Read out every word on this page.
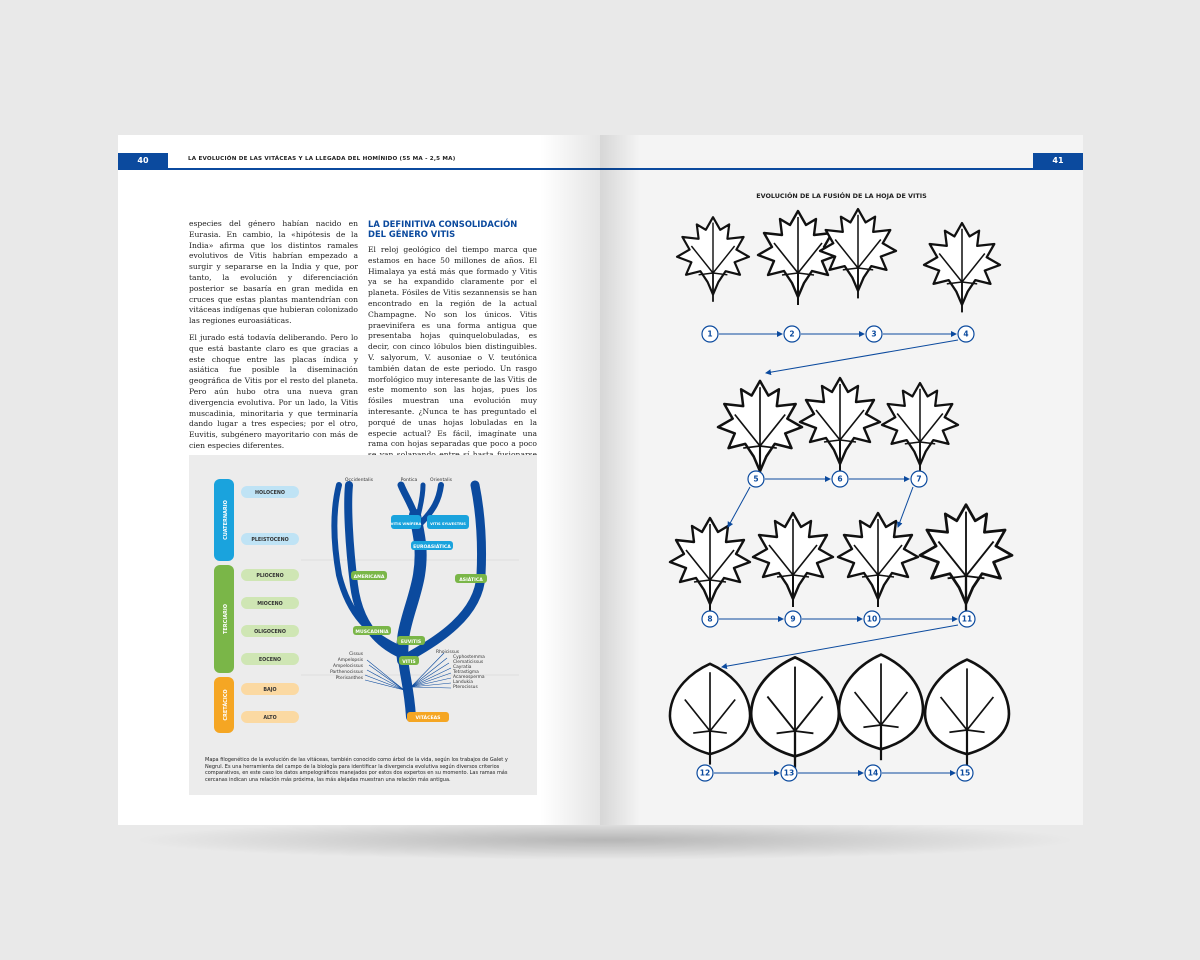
40	LA EVOLUCIÓN DE LAS VITÁCEAS Y LA LLEGADA DEL HOMÍNIDO (55 MA - 2,5 MA)

especies del género habían nacido en Eurasia. En cambio, la «hipótesis de la India» afirma que los distintos ramales evolutivos de Vitis habrían empezado a surgir y separarse en la India y que, por tanto, la evolución y diferenciación posterior se basaría en gran medida en cruces que estas plantas mantendrían con vitáceas indígenas que hubieran colonizado las regiones euroasiáticas.

El jurado está todavía deliberando. Pero lo que está bastante claro es que gracias a este choque entre las placas índica y asiática fue posible la diseminación geográfica de Vitis por el resto del planeta. Pero aún hubo otra una nueva gran divergencia evolutiva. Por un lado, la Vitis muscadinia, minoritaria y que terminaría dando lugar a tres especies; por el otro, Euvitis, subgénero mayoritario con más de cien especies diferentes.

LA DEFINITIVA CONSOLIDACIÓN
DEL GÉNERO VITIS

El reloj geológico del tiempo marca que estamos en hace 50 millones de años. El Himalaya ya está más que formado y Vitis ya se ha expandido claramente por el planeta. Fósiles de Vitis sezannensis se han encontrado en la región de la actual Champagne. No son los únicos. Vitis praevinifera es una forma antigua que presentaba hojas quinquelobuladas, es decir, con cinco lóbulos bien distinguibles. V. salyorum, V. ausoniae o V. teutónica también datan de este periodo. Un rasgo morfológico muy interesante de las Vitis de este momento son las hojas, pues los fósiles muestran una evolución muy interesante. ¿Nunca te has preguntado el porqué de unas hojas lobuladas en la especie actual? Es fácil, imagínate una rama con hojas separadas que poco a poco

CUATERNARIO
TERCIARIO
CRETÁCICO
HOLOCENO
PLEISTOCENO
PLIOCENO
MIOCENO
OLIGOCENO
EOCENO
BAJO
ALTO
Occidentalis	Pontica	Orientalis
VITIS VINÍFERA VITIS SYLVESTRIS
EUROASIÁTICA
AMERICANA
ASIÁTICA
MUSCADINIA
EUVITIS
VITIS
VITÁCEAS
Cissus
Ampelopsis
Ampelocissus
Parthenocissus
Pterisanthes
Rhoicissus
Cyphostemma
Clematicissus
Cayratia
Tetrastigma
Acareosperma
Landukia
Pterocissus
Mapa filogenético de la evolución de las vitáceas, también conocido como árbol de la vida, según los trabajos de Galet y Negrul. Es una herramienta del campo de la biología para identificar la divergencia evolutiva según diversos criterios comparativos, en este caso los datos ampelográficos manejados por estos dos expertos en su momento. Las ramas más cercanas indican una relación más próxima, las más alejadas muestran una relación más antigua.
41
EVOLUCIÓN DE LA FUSIÓN DE LA HOJA DE VITIS
1	2	3	4
5	6	7
8	9	10	11
12	13	14	15
